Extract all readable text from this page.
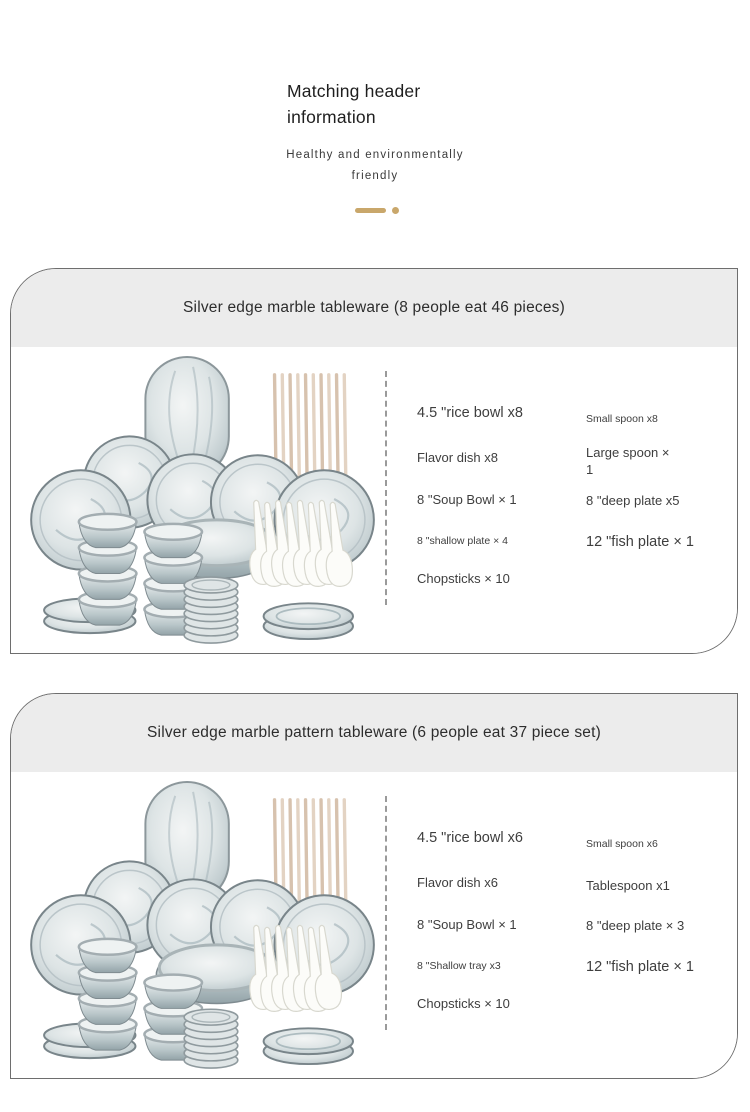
Matching header information

Healthy and environmentally friendly

Silver edge marble tableware (8 people eat 46 pieces)
4.5 "rice bowl x8
Flavor dish x8
8 "Soup Bowl × 1
8 "shallow plate × 4
Chopsticks × 10
Small spoon x8
Large spoon × 1
8 "deep plate x5
12 "fish plate × 1
Silver edge marble pattern tableware (6 people eat 37 piece set)
4.5 "rice bowl x6
Flavor dish x6
8 "Soup Bowl × 1
8 "Shallow tray x3
Chopsticks × 10
Small spoon x6
Tablespoon x1
8 "deep plate × 3
12 "fish plate × 1
